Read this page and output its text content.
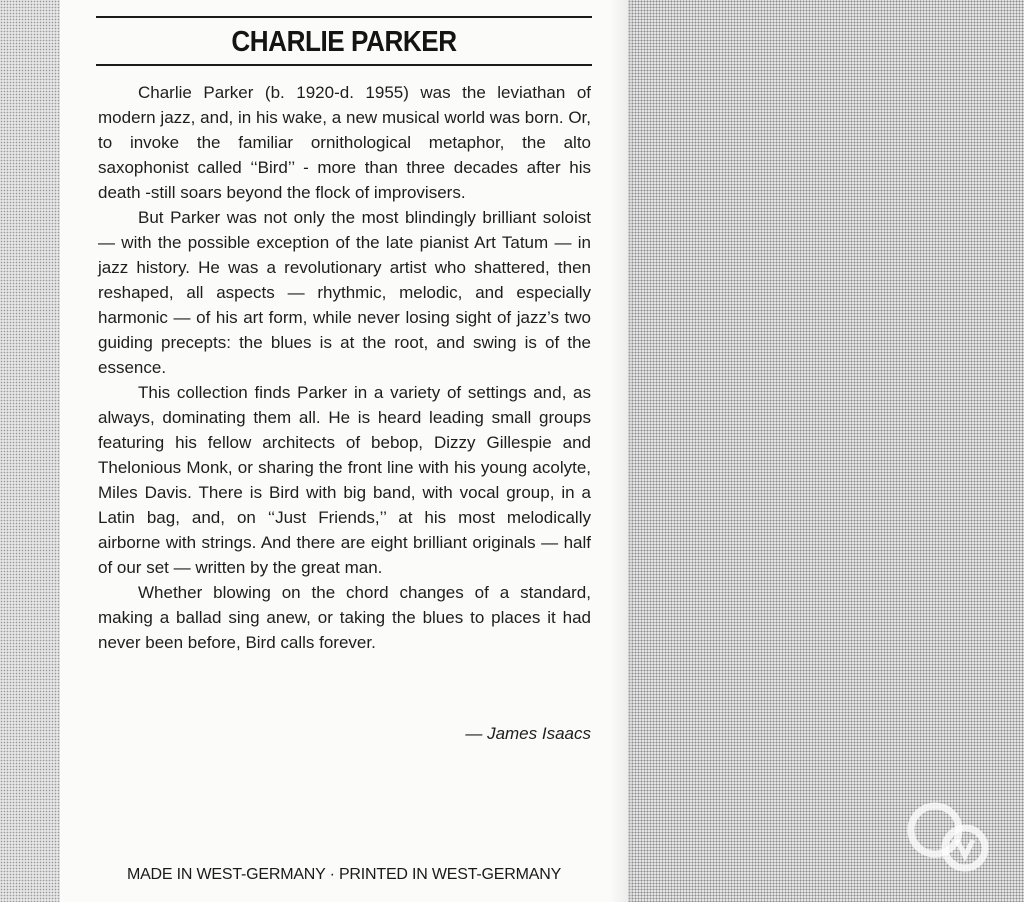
CHARLIE PARKER

Charlie Parker (b. 1920-d. 1955) was the leviathan of modern jazz, and, in his wake, a new musical world was born. Or, to invoke the familiar ornithological metaphor, the alto saxophonist called ‘‘Bird’’ - more than three decades after his death -still soars beyond the flock of improvisers.

But Parker was not only the most blindingly brilliant soloist — with the possible exception of the late pianist Art Tatum — in jazz history. He was a revolutionary artist who shattered, then reshaped, all aspects — rhythmic, melodic, and especially harmonic — of his art form, while never losing sight of jazz’s two guiding precepts: the blues is at the root, and swing is of the essence.

This collection finds Parker in a variety of settings and, as always, dominating them all. He is heard leading small groups featuring his fellow architects of bebop, Dizzy Gillespie and Thelonious Monk, or sharing the front line with his young acolyte, Miles Davis. There is Bird with big band, with vocal group, in a Latin bag, and, on ‘‘Just Friends,’’ at his most melodically airborne with strings. And there are eight brilliant originals — half of our set — written by the great man.

Whether blowing on the chord changes of a standard, making a ballad sing anew, or taking the blues to places it had never been before, Bird calls forever.

— James Isaacs
MADE IN WEST-GERMANY · PRINTED IN WEST-GERMANY
